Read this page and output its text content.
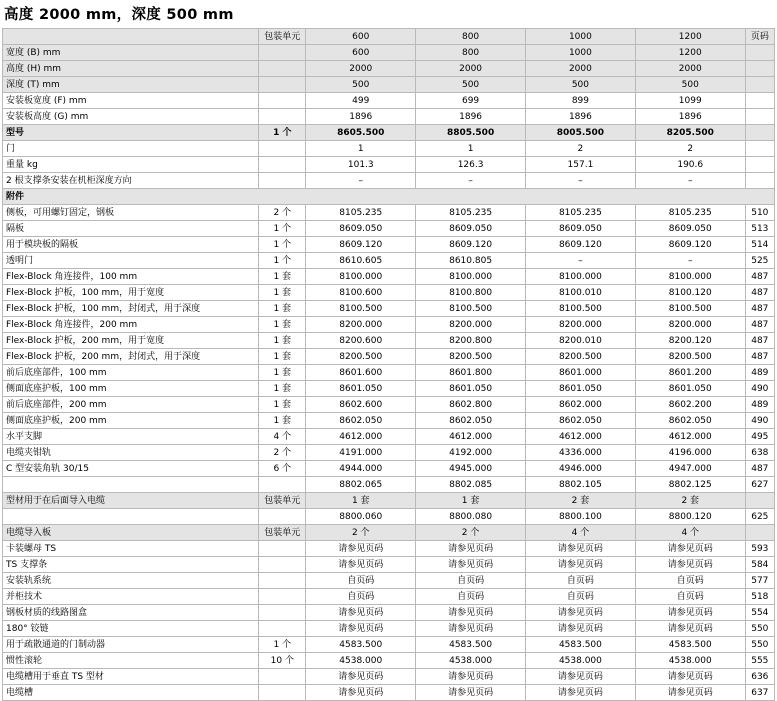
高度 2000 mm，深度 500 mm
	包装单元	600	800	1000	1200	页码
宽度 (B) mm		600	800	1000	1200	
高度 (H) mm		2000	2000	2000	2000	
深度 (T) mm		500	500	500	500	
安装板宽度 (F) mm		499	699	899	1099	
安装板高度 (G) mm		1896	1896	1896	1896	
型号	1 个	8605.500	8805.500	8005.500	8205.500	
门		1	1	2	2	
重量 kg		101.3	126.3	157.1	190.6	
2 根支撑条安装在机柜深度方向		–	–	–	–	
附件						
侧板，可用螺钉固定，钢板	2 个	8105.235	8105.235	8105.235	8105.235	510
隔板	1 个	8609.050	8609.050	8609.050	8609.050	513
用于模块板的隔板	1 个	8609.120	8609.120	8609.120	8609.120	514
透明门	1 个	8610.605	8610.805	–	–	525
Flex-Block 角连接件，100 mm	1 套	8100.000	8100.000	8100.000	8100.000	487
Flex-Block 护板，100 mm，用于宽度	1 套	8100.600	8100.800	8100.010	8100.120	487
Flex-Block 护板，100 mm，封闭式，用于深度	1 套	8100.500	8100.500	8100.500	8100.500	487
Flex-Block 角连接件，200 mm	1 套	8200.000	8200.000	8200.000	8200.000	487
Flex-Block 护板，200 mm，用于宽度	1 套	8200.600	8200.800	8200.010	8200.120	487
Flex-Block 护板，200 mm，封闭式，用于深度	1 套	8200.500	8200.500	8200.500	8200.500	487
前后底座部件，100 mm	1 套	8601.600	8601.800	8601.000	8601.200	489
侧面底座护板，100 mm	1 套	8601.050	8601.050	8601.050	8601.050	490
前后底座部件，200 mm	1 套	8602.600	8602.800	8602.000	8602.200	489
侧面底座护板，200 mm	1 套	8602.050	8602.050	8602.050	8602.050	490
水平支脚	4 个	4612.000	4612.000	4612.000	4612.000	495
电缆夹钳轨	2 个	4191.000	4192.000	4336.000	4196.000	638
C 型安装角轨 30/15	6 个	4944.000	4945.000	4946.000	4947.000	487
		8802.065	8802.085	8802.105	8802.125	627
型材用于在后面导入电缆	包装单元	1 套	1 套	2 套	2 套	
		8800.060	8800.080	8800.100	8800.120	625
电缆导入板	包装单元	2 个	2 个	4 个	4 个	
卡装螺母 TS		请参见页码	请参见页码	请参见页码	请参见页码	593
TS 支撑条		请参见页码	请参见页码	请参见页码	请参见页码	584
安装轨系统		自页码	自页码	自页码	自页码	577
并柜技术		自页码	自页码	自页码	自页码	518
钢板材质的线路图盒		请参见页码	请参见页码	请参见页码	请参见页码	554
180° 铰链		请参见页码	请参见页码	请参见页码	请参见页码	550
用于疏散通道的门制动器	1 个	4583.500	4583.500	4583.500	4583.500	550
惯性滚轮	10 个	4538.000	4538.000	4538.000	4538.000	555
电缆槽用于垂直 TS 型材		请参见页码	请参见页码	请参见页码	请参见页码	636
电缆槽		请参见页码	请参见页码	请参见页码	请参见页码	637
